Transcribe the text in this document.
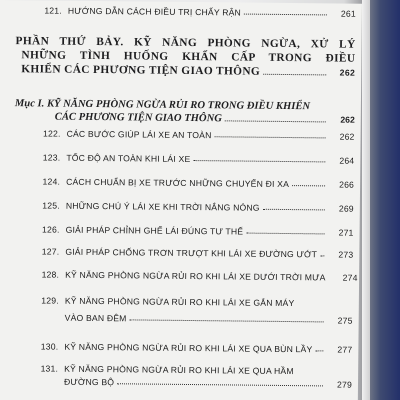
121. HƯỚNG DẪN CÁCH ĐIỀU TRỊ CHẤY RẬN	261
PHẦN THỨ BẢY. KỸ NĂNG PHÒNG NGỪA, XỬ LÝ
NHỮNG TÌNH HUỐNG KHẨN CẤP TRONG ĐIỀU
KHIỂN CÁC PHƯƠNG TIỆN GIAO THÔNG	262
Mục I. KỸ NĂNG PHÒNG NGỪA RỦI RO TRONG ĐIỀU KHIỂN
CÁC PHƯƠNG TIỆN GIAO THÔNG	262
122. CÁC BƯỚC GIÚP LÁI XE AN TOÀN	262
123. TỐC ĐỘ AN TOÀN KHI LÁI XE	264
124. CÁCH CHUẨN BỊ XE TRƯỚC NHỮNG CHUYẾN ĐI XA	266
125. NHỮNG CHÚ Ý LÁI XE KHI TRỜI NẮNG NÓNG	269
126. GIẢI PHÁP CHỈNH GHẾ LÁI ĐÚNG TƯ THẾ	271
127. GIẢI PHÁP CHỐNG TRƠN TRƯỢT KHI LÁI XE ĐƯỜNG ƯỚT	273
128. KỸ NĂNG PHÒNG NGỪA RỦI RO KHI LÁI XE DƯỚI TRỜI MƯA	274
129. KỸ NĂNG PHÒNG NGỪA RỦI RO KHI LÁI XE GẮN MÁY
VÀO BAN ĐÊM	275
130. KỸ NĂNG PHÒNG NGỪA RỦI RO KHI LÁI XE QUA BÙN LẦY	277
131. KỸ NĂNG PHÒNG NGỪA RỦI RO KHI LÁI XE QUA HẦM
ĐƯỜNG BỘ	279
